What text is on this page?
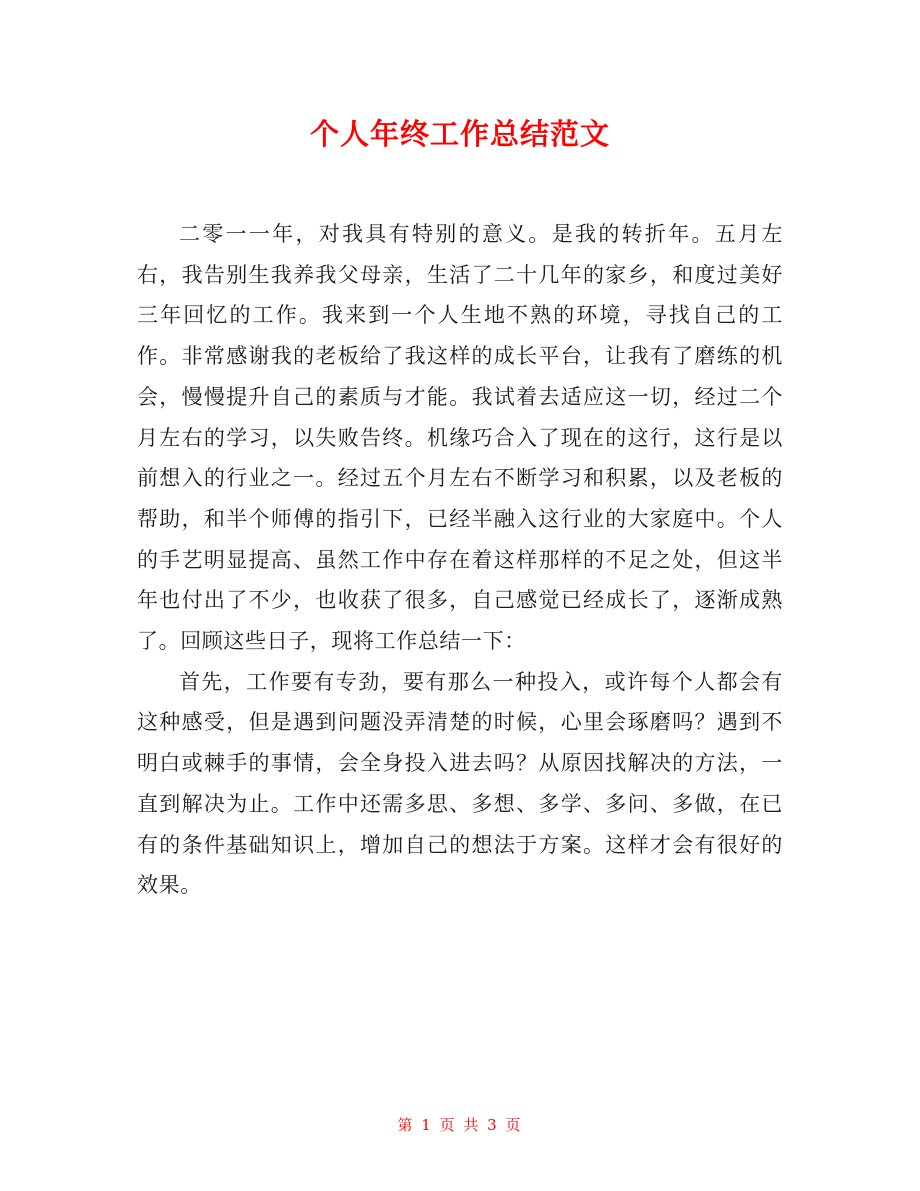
个人年终工作总结范文

二零一一年，对我具有特别的意义。是我的转折年。五月左右，我告别生我养我父母亲，生活了二十几年的家乡，和度过美好三年回忆的工作。我来到一个人生地不熟的环境，寻找自己的工作。非常感谢我的老板给了我这样的成长平台，让我有了磨练的机会，慢慢提升自己的素质与才能。我试着去适应这一切，经过二个月左右的学习，以失败告终。机缘巧合入了现在的这行，这行是以前想入的行业之一。经过五个月左右不断学习和积累，以及老板的帮助，和半个师傅的指引下，已经半融入这行业的大家庭中。个人的手艺明显提高、虽然工作中存在着这样那样的不足之处，但这半年也付出了不少，也收获了很多，自己感觉已经成长了，逐渐成熟了。回顾这些日子，现将工作总结一下：

首先，工作要有专劲，要有那么一种投入，或许每个人都会有这种感受，但是遇到问题没弄清楚的时候，心里会琢磨吗？遇到不明白或棘手的事情，会全身投入进去吗？从原因找解决的方法，一直到解决为止。工作中还需多思、多想、多学、多问、多做，在已有的条件基础知识上，增加自己的想法于方案。这样才会有很好的效果。

第 1 页 共 3 页
